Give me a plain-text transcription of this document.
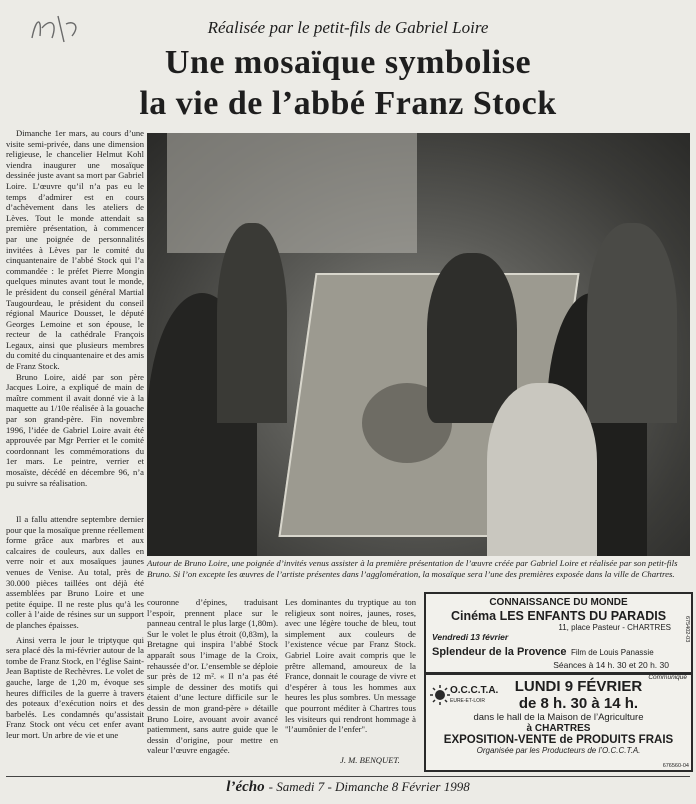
Réalisée par le petit-fils de Gabriel Loire
Une mosaïque symbolise
la vie de l’abbé Franz Stock

Dimanche 1er mars, au cours d’une visite semi-privée, dans une dimension religieuse, le chancelier Helmut Kohl viendra inaugurer une mosaïque dessinée juste avant sa mort par Gabriel Loire. L’œuvre qu’il n’a pas eu le temps d’admirer est en cours d’achèvement dans les ateliers de Lèves. Tout le monde attendait sa première présentation, à commencer par une poignée de personnalités invitées à Lèves par le comité du cinquantenaire de l’abbé Stock qui l’a commandée : le préfet Pierre Mongin quelques minutes avant tout le monde, le président du conseil général Martial Taugourdeau, le président du conseil régional Maurice Dousset, le député Georges Lemoine et son épouse, le recteur de la cathédrale François Legaux, ainsi que plusieurs membres du comité du cinquantenaire et des amis de Franz Stock.

Bruno Loire, aidé par son père Jacques Loire, a expliqué de main de maître comment il avait donné vie à la maquette au 1/10e réalisée à la gouache par son grand-père. Fin novembre 1996, l’idée de Gabriel Loire avait été approuvée par Mgr Perrier et le comité coordonnant les commémorations du 1er mars. Le peintre, verrier et mosaïste, décédé en décembre 96, n’a pu suivre sa réalisation.

Autour de Bruno Loire, une poignée d’invités venus assister à la première présentation de l’œuvre créée par Gabriel Loire et réalisée par son petit-fils Bruno. Si l’on excepte les œuvres de l’artiste présentes dans l’agglomération, la mosaïque sera l’une des premières exposée dans la ville de Chartres.

Il a fallu attendre septembre dernier pour que la mosaïque prenne réellement forme grâce aux marbres et aux calcaires de couleurs, aux dalles en verre noir et aux mosaïques jaunes venues de Venise. Au total, près de 30.000 pièces taillées ont déjà été assemblées par Bruno Loire et une petite équipe. Il ne reste plus qu’à les coller à l’aide de résines sur un support de planches épaisses.

Ainsi verra le jour le triptyque qui sera placé dès la mi-février autour de la tombe de Franz Stock, en l’église Saint-Jean Baptiste de Rechèvres. Le volet de gauche, large de 1,20 m, évoque ses heures difficiles de la guerre à travers des poteaux d’exécution noirs et des barbelés. Les condamnés qu’assistait Franz Stock ont vécu cet enfer avant leur mort. Un arbre de vie et une

couronne d’épines, traduisant l’espoir, prennent place sur le panneau central le plus large (1,80m). Sur le volet le plus étroit (0,83m), la Bretagne qui inspira l’abbé Stock apparaît sous l’image de la Croix, rehaussée d’or. L’ensemble se déploie sur près de 12 m². « Il n’a pas été simple de dessiner des motifs qui étaient d’une lecture difficile sur le dessin de mon grand-père » détaille Bruno Loire, avouant avoir avancé patiemment, sans autre guide que le dessin d’origine, pour mettre en valeur l’œuvre engagée.

Les dominantes du tryptique au ton religieux sont noires, jaunes, roses, avec une légère touche de bleu, tout simplement aux couleurs de l’existence vécue par Franz Stock. Gabriel Loire avait compris que le prêtre allemand, amoureux de la France, donnait le courage de vivre et d’espérer à tous les hommes aux heures les plus sombres. Un message que pourront méditer à Chartres tous les visiteurs qui rendront hommage à "l’aumônier de l’enfer".

J. M. BENQUET.
CONNAISSANCE DU MONDE
Cinéma LES ENFANTS DU PARADIS
11, place Pasteur - CHARTRES
Vendredi 13 février
Splendeur de la Provence Film de Louis Panassie
Séances à 14 h. 30 et 20 h. 30
675402-03
Communiqué
O.C.C.T.A.
EURE-ET-LOIR
LUNDI 9 FÉVRIER
de 8 h. 30 à 14 h.
dans le hall de la Maison de l’Agriculture
à CHARTRES
EXPOSITION-VENTE de PRODUITS FRAIS
Organisée par les Producteurs de l’O.C.C.T.A.
676560-04
l’écho - Samedi 7 - Dimanche 8 Février 1998
